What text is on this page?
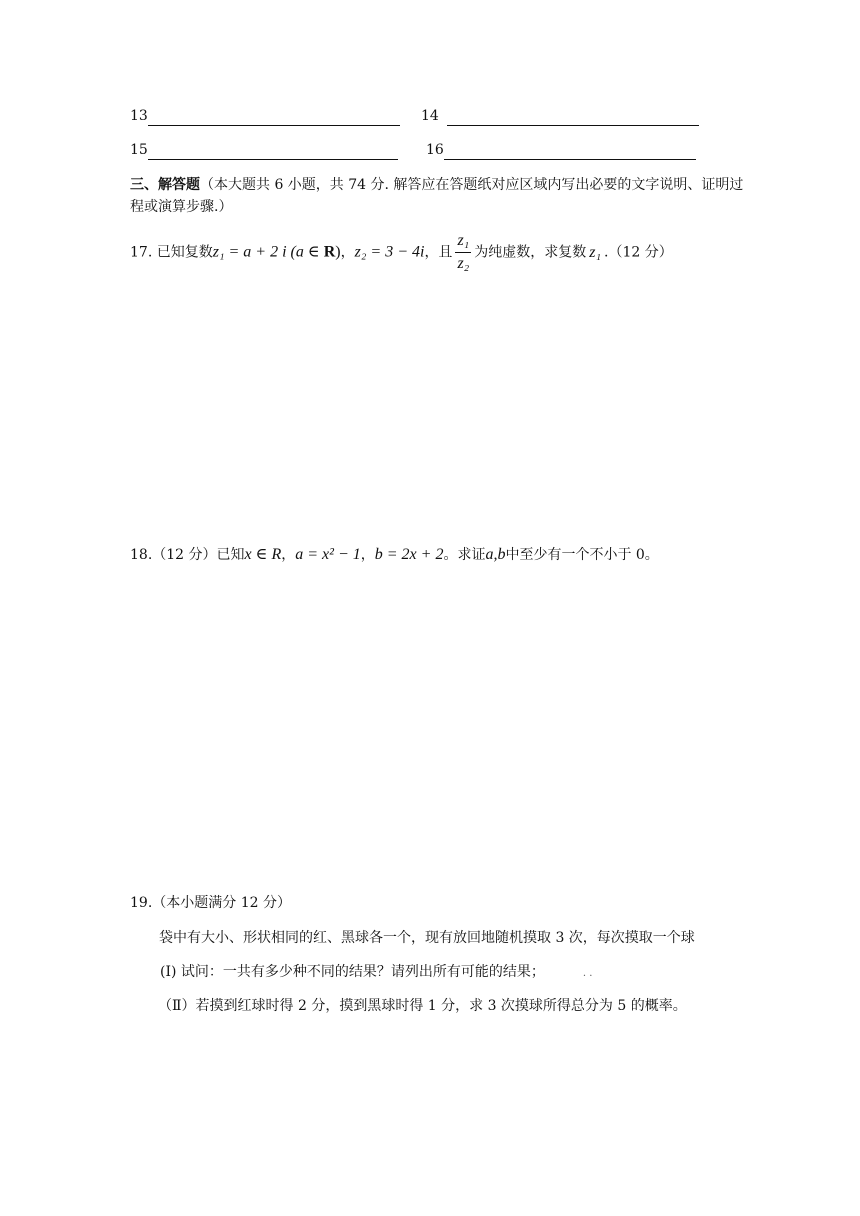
13	14
15	16
三、解答题（本大题共 6 小题，共 74 分. 解答应在答题纸对应区域内写出必要的文字说明、证明过
程或演算步骤.）
17. 已知复数z₁ = a + 2 i (a ∈ R)，z₂ = 3 − 4i，且 $\frac{\text{z₁}}{\text{z₂}}$ 为纯虚数，求复数 z₁ .（12 分）
18.（12 分）已知x ∈ R，a = x² − 1，b = 2x + 2。求证a,b中至少有一个不小于 0。
19.（本小题满分 12 分）
袋中有大小、形状相同的红、黑球各一个，现有放回地随机摸取 3 次，每次摸取一个球
(Ⅰ) 试问：一共有多少种不同的结果？请列出所有可能的结果；	. .
（Ⅱ）若摸到红球时得 2 分，摸到黑球时得 1 分，求 3 次摸球所得总分为 5 的概率。
